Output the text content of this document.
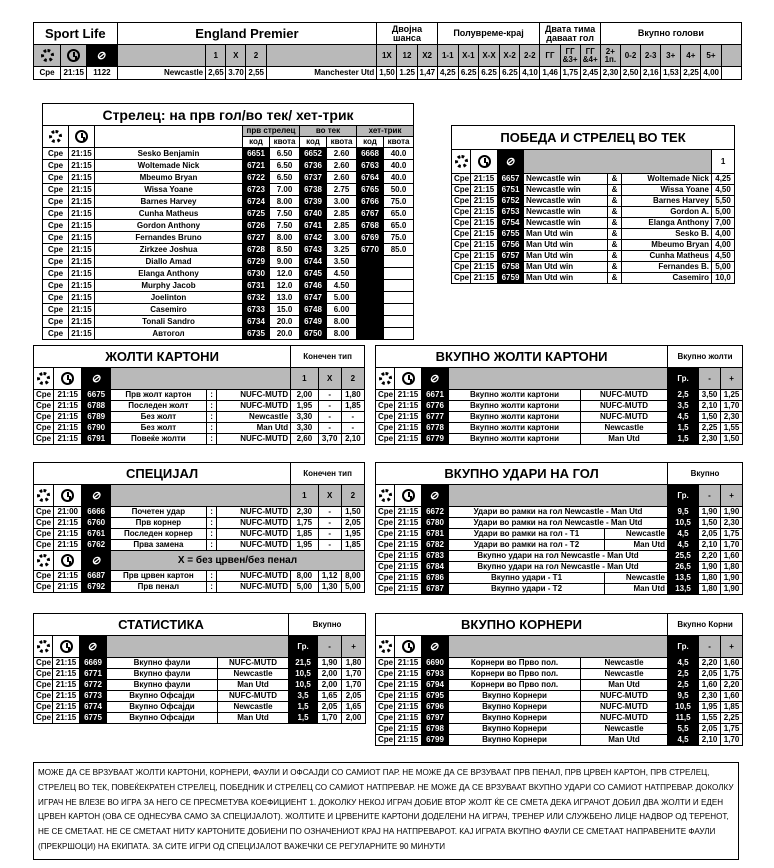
Sport Life			England Premier					Двојна шанса			Полувреме-крај					Двата тима даваат гол			Вкупно голови						
		⊘		1	X	2		1X	12	X2	1-1	X-1	X-X	X-2	2-2	ГГ	ГГ &3+	ГГ &4+	2+ 1п.	0-2	2-3	3+	4+	5+	
Сре	21:15	1122	Newcastle	2,65	3.70	2,55	Manchester Utd	1,50	1.25	1,47	4,25	6.25	6.25	6.25	4,10	1,46	1,75	2,45	2,30	2,50	2,16	1,53	2,25	4,00	
Стрелец: на прв гол/во тек/ хет-трик								
			прв стрелец		во тек		хет-трик	
			код	квота	код	квота	код	квота
Сре	21:15	Sesko Benjamin	6651	6.50	6652	2.60	6668	40.0
Сре	21:15	Woltemade Nick	6721	6.50	6736	2.60	6763	40.0
Сре	21:15	Mbeumo Bryan	6722	6.50	6737	2.60	6764	40.0
Сре	21:15	Wissa Yoane	6723	7.00	6738	2.75	6765	50.0
Сре	21:15	Barnes Harvey	6724	8.00	6739	3.00	6766	75.0
Сре	21:15	Cunha Matheus	6725	7.50	6740	2.85	6767	65.0
Сре	21:15	Gordon Anthony	6726	7.50	6741	2.85	6768	65.0
Сре	21:15	Fernandes Bruno	6727	8.00	6742	3.00	6769	75.0
Сре	21:15	Zirkzee Joshua	6728	8.50	6743	3.25	6770	85.0
Сре	21:15	Diallo Amad	6729	9.00	6744	3.50		
Сре	21:15	Elanga Anthony	6730	12.0	6745	4.50		
Сре	21:15	Murphy Jacob	6731	12.0	6746	4.50		
Сре	21:15	Joelinton	6732	13.0	6747	5.00		
Сре	21:15	Casemiro	6733	15.0	6748	6.00		
Сре	21:15	Tonali Sandro	6734	20.0	6749	8.00		
Сре	21:15	Автогол	6735	20.0	6750	8.00		
ПОБЕДА И СТРЕЛЕЦ ВО ТЕК						
		⊘				1
Сре	21:15	6657	Newcastle win	&	Woltemade Nick	4,25
Сре	21:15	6751	Newcastle win	&	Wissa Yoane	4,50
Сре	21:15	6752	Newcastle win	&	Barnes Harvey	5,50
Сре	21:15	6753	Newcastle win	&	Gordon A.	5,00
Сре	21:15	6754	Newcastle win	&	Elanga Anthony	7,00
Сре	21:15	6755	Man Utd win	&	Sesko B.	4,00
Сре	21:15	6756	Man Utd win	&	Mbeumo Bryan	4,00
Сре	21:15	6757	Man Utd win	&	Cunha Matheus	4,50
Сре	21:15	6758	Man Utd win	&	Fernandes B.	5,00
Сре	21:15	6759	Man Utd win	&	Casemiro	10,0
ЖОЛТИ КАРТОНИ						Конечен тип		
		⊘				1	X	2
Сре	21:15	6675	Прв жолт картон	:	NUFC-MUTD	2,00	-	1,80
Сре	21:15	6788	Последен жолт	:	NUFC-MUTD	1,95	-	1,85
Сре	21:15	6789	Без жолт	:	Newcastle	3,30	-	-
Сре	21:15	6790	Без жолт	:	Man Utd	3,30	-	-
Сре	21:15	6791	Повеќе жолти	:	NUFC-MUTD	2,60	3,70	2,10
ВКУПНО ЖОЛТИ КАРТОНИ					Вкупно жолти		
		⊘			Гр.	-	+
Сре	21:15	6671	Вкупно жолти картони	NUFC-MUTD	2,5	3,50	1,25
Сре	21:15	6776	Вкупно жолти картони	NUFC-MUTD	3,5	2,10	1,70
Сре	21:15	6777	Вкупно жолти картони	NUFC-MUTD	4,5	1,50	2,30
Сре	21:15	6778	Вкупно жолти картони	Newcastle	1,5	2,25	1,55
Сре	21:15	6779	Вкупно жолти картони	Man Utd	1,5	2,30	1,50
СПЕЦИЈАЛ						Конечен тип		
		⊘				1	X	2
Сре	21:00	6666	Почетен удар	:	NUFC-MUTD	2,30	-	1,50
Сре	21:15	6760	Прв корнер	:	NUFC-MUTD	1,75	-	2,05
Сре	21:15	6761	Последен корнер	:	NUFC-MUTD	1,85	-	1,95
Сре	21:15	6762	Прва замена	:	NUFC-MUTD	1,95	-	1,85
		⊘	X = без црвен/без пенал					
Сре	21:15	6687	Прв црвен картон	:	NUFC-MUTD	8,00	1,12	8,00
Сре	21:15	6792	Прв пенал	:	NUFC-MUTD	5,00	1,30	5,00
ВКУПНО УДАРИ НА ГОЛ					Вкупно		
		⊘			Гр.	-	+
Сре	21:15	6672	Удари во рамки на гол Newcastle - Man Utd		9,5	1,90	1,90
Сре	21:15	6780	Удари во рамки на гол Newcastle - Man Utd		10,5	1,50	2,30
Сре	21:15	6781	Удари во рамки на гол - Т1	Newcastle	4,5	2,05	1,75
Сре	21:15	6782	Удари во рамки на гол - Т2	Man Utd	4,5	2,10	1,70
Сре	21:15	6783	Вкупно удари на гол Newcastle - Man Utd		25,5	2,20	1,60
Сре	21:15	6784	Вкупно удари на гол Newcastle - Man Utd		26,5	1,90	1,80
Сре	21:15	6786	Вкупно удари - Т1	Newcastle	13,5	1,80	1,90
Сре	21:15	6787	Вкупно удари - Т2	Man Utd	13,5	1,80	1,90
СТАТИСТИКА					Вкупно		
		⊘			Гр.	-	+
Сре	21:15	6669	Вкупно фаули	NUFC-MUTD	21,5	1,90	1,80
Сре	21:15	6771	Вкупно фаули	Newcastle	10,5	2,00	1,70
Сре	21:15	6772	Вкупно фаули	Man Utd	10,5	2,00	1,70
Сре	21:15	6773	Вкупно Офсајди	NUFC-MUTD	3,5	1,65	2,05
Сре	21:15	6774	Вкупно Офсајди	Newcastle	1,5	2,05	1,65
Сре	21:15	6775	Вкупно Офсајди	Man Utd	1,5	1,70	2,00
ВКУПНО КОРНЕРИ					Вкупно Корни		
		⊘			Гр.	-	+
Сре	21:15	6690	Корнери во Прво пол.	Newcastle	4,5	2,20	1,60
Сре	21:15	6793	Корнери во Прво пол.	Newcastle	2,5	2,05	1,75
Сре	21:15	6794	Корнери во Прво пол.	Man Utd	2,5	1,60	2,20
Сре	21:15	6795	Вкупно Корнери	NUFC-MUTD	9,5	2,30	1,60
Сре	21:15	6796	Вкупно Корнери	NUFC-MUTD	10,5	1,95	1,85
Сре	21:15	6797	Вкупно Корнери	NUFC-MUTD	11,5	1,55	2,25
Сре	21:15	6798	Вкупно Корнери	Newcastle	5,5	2,05	1,75
Сре	21:15	6799	Вкупно Корнери	Man Utd	4,5	2,10	1,70
МОЖЕ ДА СЕ ВРЗУВААТ ЖОЛТИ КАРТОНИ, КОРНЕРИ, ФАУЛИ И ОФСАЈДИ СО САМИОТ ПАР. НЕ МОЖЕ ДА СЕ ВРЗУВААТ ПРВ ПЕНАЛ, ПРВ ЦРВЕН КАРТОН, ПРВ СТРЕЛЕЦ, СТРЕЛЕЦ ВО ТЕК, ПОВЕЌЕКРАТЕН СТРЕЛЕЦ, ПОБЕДНИК И СТРЕЛЕЦ СО САМИОТ НАТПРЕВАР. НЕ МОЖЕ ДА СЕ ВРЗУВААТ ВКУПНО УДАРИ СО САМИОТ НАТПРЕВАР. ДОКОЛКУ ИГРАЧ НЕ ВЛЕЗЕ ВО ИГРА ЗА НЕГО СЕ ПРЕСМЕТУВА КОЕФИЦИЕНТ 1. ДОКОЛКУ НЕКОЈ ИГРАЧ ДОБИЕ ВТОР ЖОЛТ ЌЕ СЕ СМЕТА ДЕКА ИГРАЧОТ ДОБИЛ ДВА ЖОЛТИ И ЕДЕН ЦРВЕН КАРТОН (ОВА СЕ ОДНЕСУВА САМО ЗА СПЕЦИЈАЛОТ). ЖОЛТИТЕ И ЦРВЕНИТЕ КАРТОНИ ДОДЕЛЕНИ НА ИГРАЧ, ТРЕНЕР ИЛИ СЛУЖБЕНО ЛИЦЕ НАДВОР ОД ТЕРЕНОТ, НЕ СЕ СМЕТААТ. НЕ СЕ СМЕТААТ НИТУ КАРТОНИТЕ ДОБИЕНИ ПО ОЗНАЧЕНИОТ КРАЈ НА НАТПРЕВАРОТ. КАЈ ИГРАТА ВКУПНО ФАУЛИ СЕ СМЕТААТ НАПРАВЕНИТЕ ФАУЛИ (ПРЕКРШОЦИ) НА ЕКИПАТА. ЗА СИТЕ ИГРИ ОД СПЕЦИЈАЛОТ ВАЖЕЧКИ СЕ РЕГУЛАРНИТЕ 90 МИНУТИ
